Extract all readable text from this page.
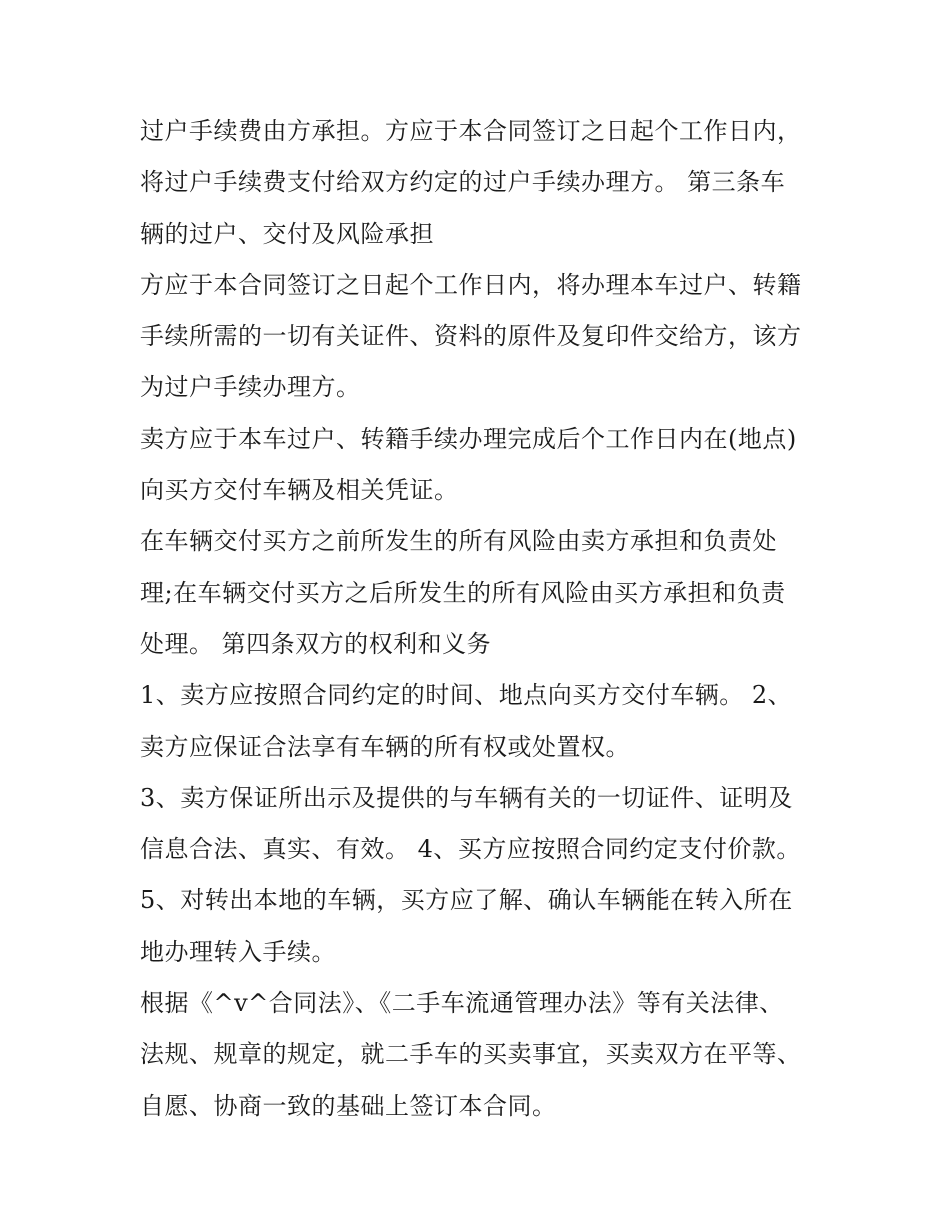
过户手续费由方承担。方应于本合同签订之日起个工作日内，
将过户手续费支付给双方约定的过户手续办理方。 第三条车
辆的过户、交付及风险承担

方应于本合同签订之日起个工作日内，将办理本车过户、转籍
手续所需的一切有关证件、资料的原件及复印件交给方，该方
为过户手续办理方。

卖方应于本车过户、转籍手续办理完成后个工作日内在(地点)
向买方交付车辆及相关凭证。

在车辆交付买方之前所发生的所有风险由卖方承担和负责处
理;在车辆交付买方之后所发生的所有风险由买方承担和负责
处理。 第四条双方的权利和义务

1、卖方应按照合同约定的时间、地点向买方交付车辆。 2、
卖方应保证合法享有车辆的所有权或处置权。

3、卖方保证所出示及提供的与车辆有关的一切证件、证明及
信息合法、真实、有效。 4、买方应按照合同约定支付价款。

5、对转出本地的车辆，买方应了解、确认车辆能在转入所在
地办理转入手续。

根据《^v^合同法》、《二手车流通管理办法》等有关法律、
法规、规章的规定，就二手车的买卖事宜，买卖双方在平等、
自愿、协商一致的基础上签订本合同。
